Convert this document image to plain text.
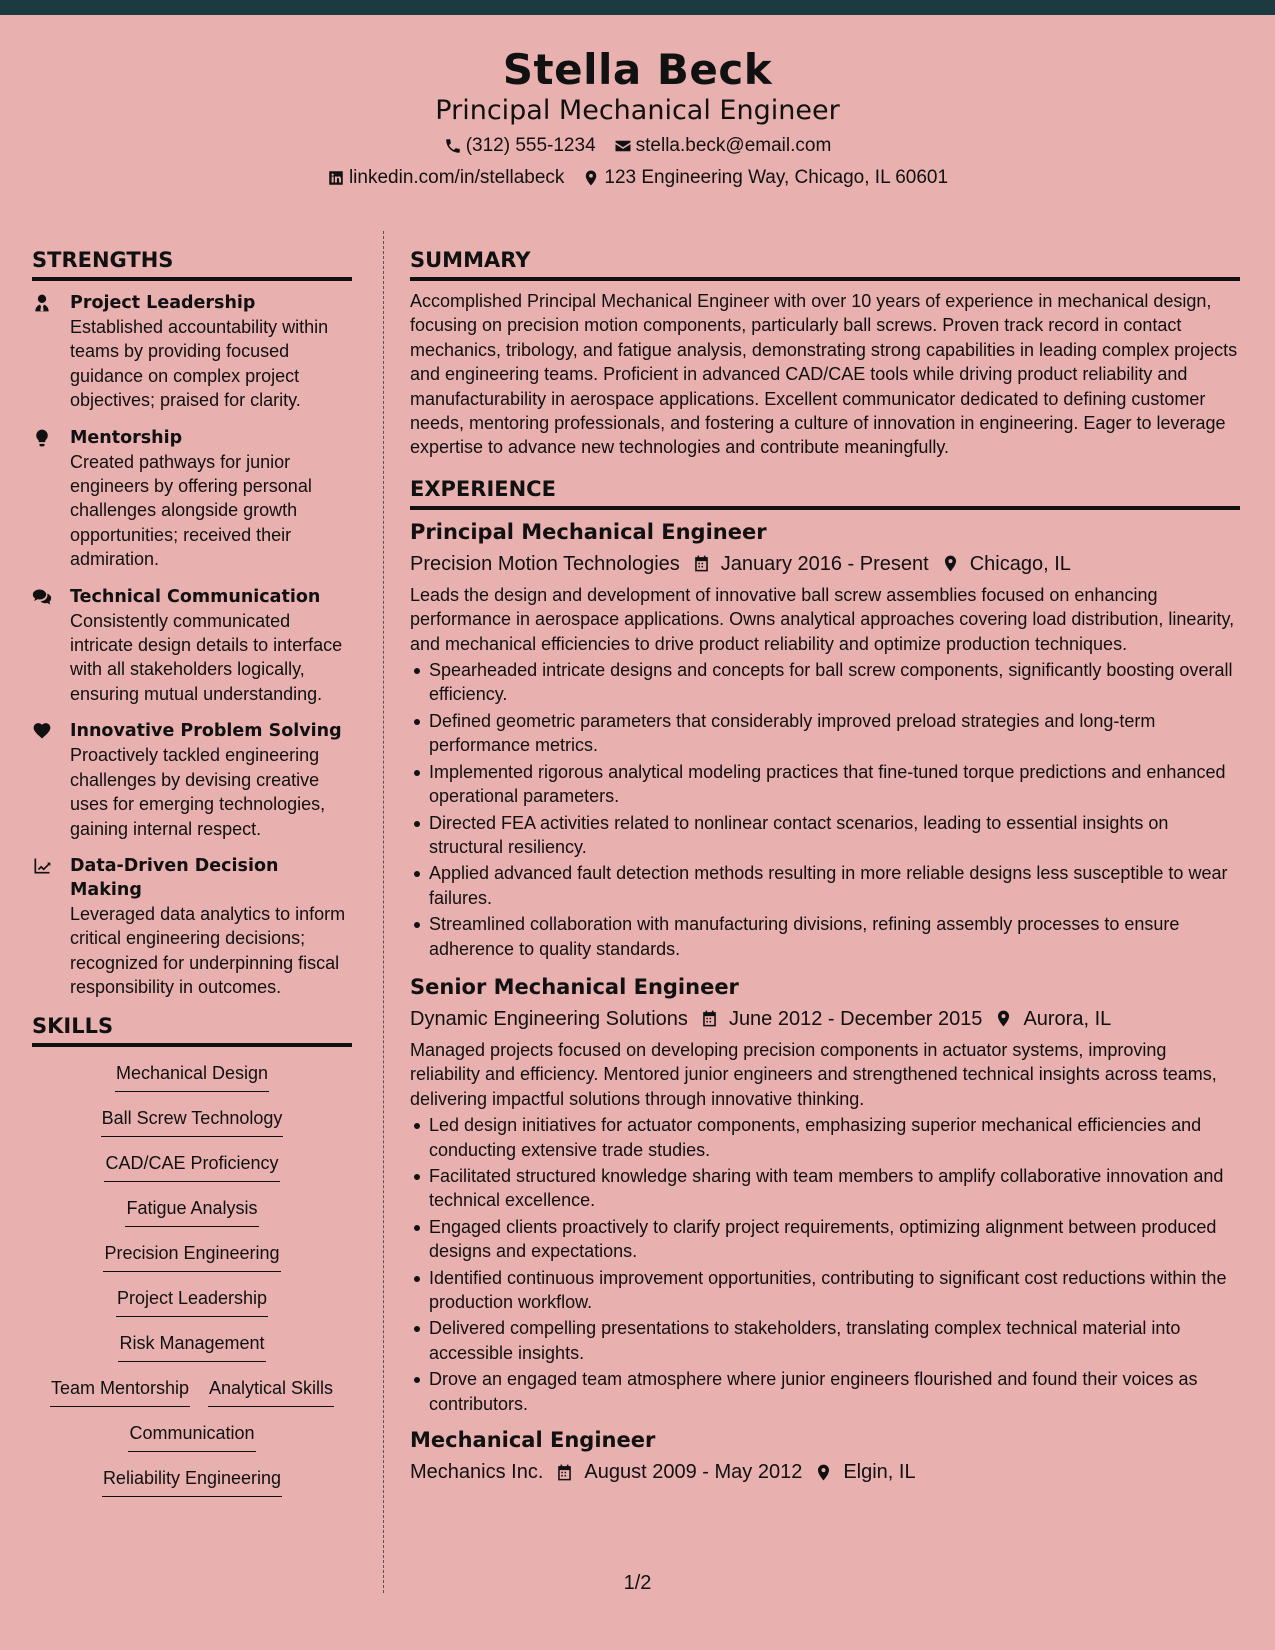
Stella Beck
Principal Mechanical Engineer
(312) 555-1234 stella.beck@email.com
linkedin.com/in/stellabeck 123 Engineering Way, Chicago, IL 60601
STRENGTHS
Project Leadership
Established accountability within teams by providing focused guidance on complex project objectives; praised for clarity.
Mentorship
Created pathways for junior engineers by offering personal challenges alongside growth opportunities; received their admiration.
Technical Communication
Consistently communicated intricate design details to interface with all stakeholders logically, ensuring mutual understanding.
Innovative Problem Solving
Proactively tackled engineering challenges by devising creative uses for emerging technologies, gaining internal respect.
Data-Driven Decision Making
Leveraged data analytics to inform critical engineering decisions; recognized for underpinning fiscal responsibility in outcomes.
SKILLS
Mechanical Design
Ball Screw Technology
CAD/CAE Proficiency
Fatigue Analysis
Precision Engineering
Project Leadership
Risk Management
Team Mentorship Analytical Skills
Communication
Reliability Engineering
SUMMARY
Accomplished Principal Mechanical Engineer with over 10 years of experience in mechanical design, focusing on precision motion components, particularly ball screws. Proven track record in contact mechanics, tribology, and fatigue analysis, demonstrating strong capabilities in leading complex projects and engineering teams. Proficient in advanced CAD/CAE tools while driving product reliability and manufacturability in aerospace applications. Excellent communicator dedicated to defining customer needs, mentoring professionals, and fostering a culture of innovation in engineering. Eager to leverage expertise to advance new technologies and contribute meaningfully.
EXPERIENCE
Principal Mechanical Engineer
Precision Motion Technologies January 2016 - Present Chicago, IL
Leads the design and development of innovative ball screw assemblies focused on enhancing performance in aerospace applications. Owns analytical approaches covering load distribution, linearity, and mechanical efficiencies to drive product reliability and optimize production techniques.
Spearheaded intricate designs and concepts for ball screw components, significantly boosting overall efficiency.
Defined geometric parameters that considerably improved preload strategies and long-term performance metrics.
Implemented rigorous analytical modeling practices that fine-tuned torque predictions and enhanced operational parameters.
Directed FEA activities related to nonlinear contact scenarios, leading to essential insights on structural resiliency.
Applied advanced fault detection methods resulting in more reliable designs less susceptible to wear failures.
Streamlined collaboration with manufacturing divisions, refining assembly processes to ensure adherence to quality standards.
Senior Mechanical Engineer
Dynamic Engineering Solutions June 2012 - December 2015 Aurora, IL
Managed projects focused on developing precision components in actuator systems, improving reliability and efficiency. Mentored junior engineers and strengthened technical insights across teams, delivering impactful solutions through innovative thinking.
Led design initiatives for actuator components, emphasizing superior mechanical efficiencies and conducting extensive trade studies.
Facilitated structured knowledge sharing with team members to amplify collaborative innovation and technical excellence.
Engaged clients proactively to clarify project requirements, optimizing alignment between produced designs and expectations.
Identified continuous improvement opportunities, contributing to significant cost reductions within the production workflow.
Delivered compelling presentations to stakeholders, translating complex technical material into accessible insights.
Drove an engaged team atmosphere where junior engineers flourished and found their voices as contributors.
Mechanical Engineer
Mechanics Inc. August 2009 - May 2012 Elgin, IL
1/2
